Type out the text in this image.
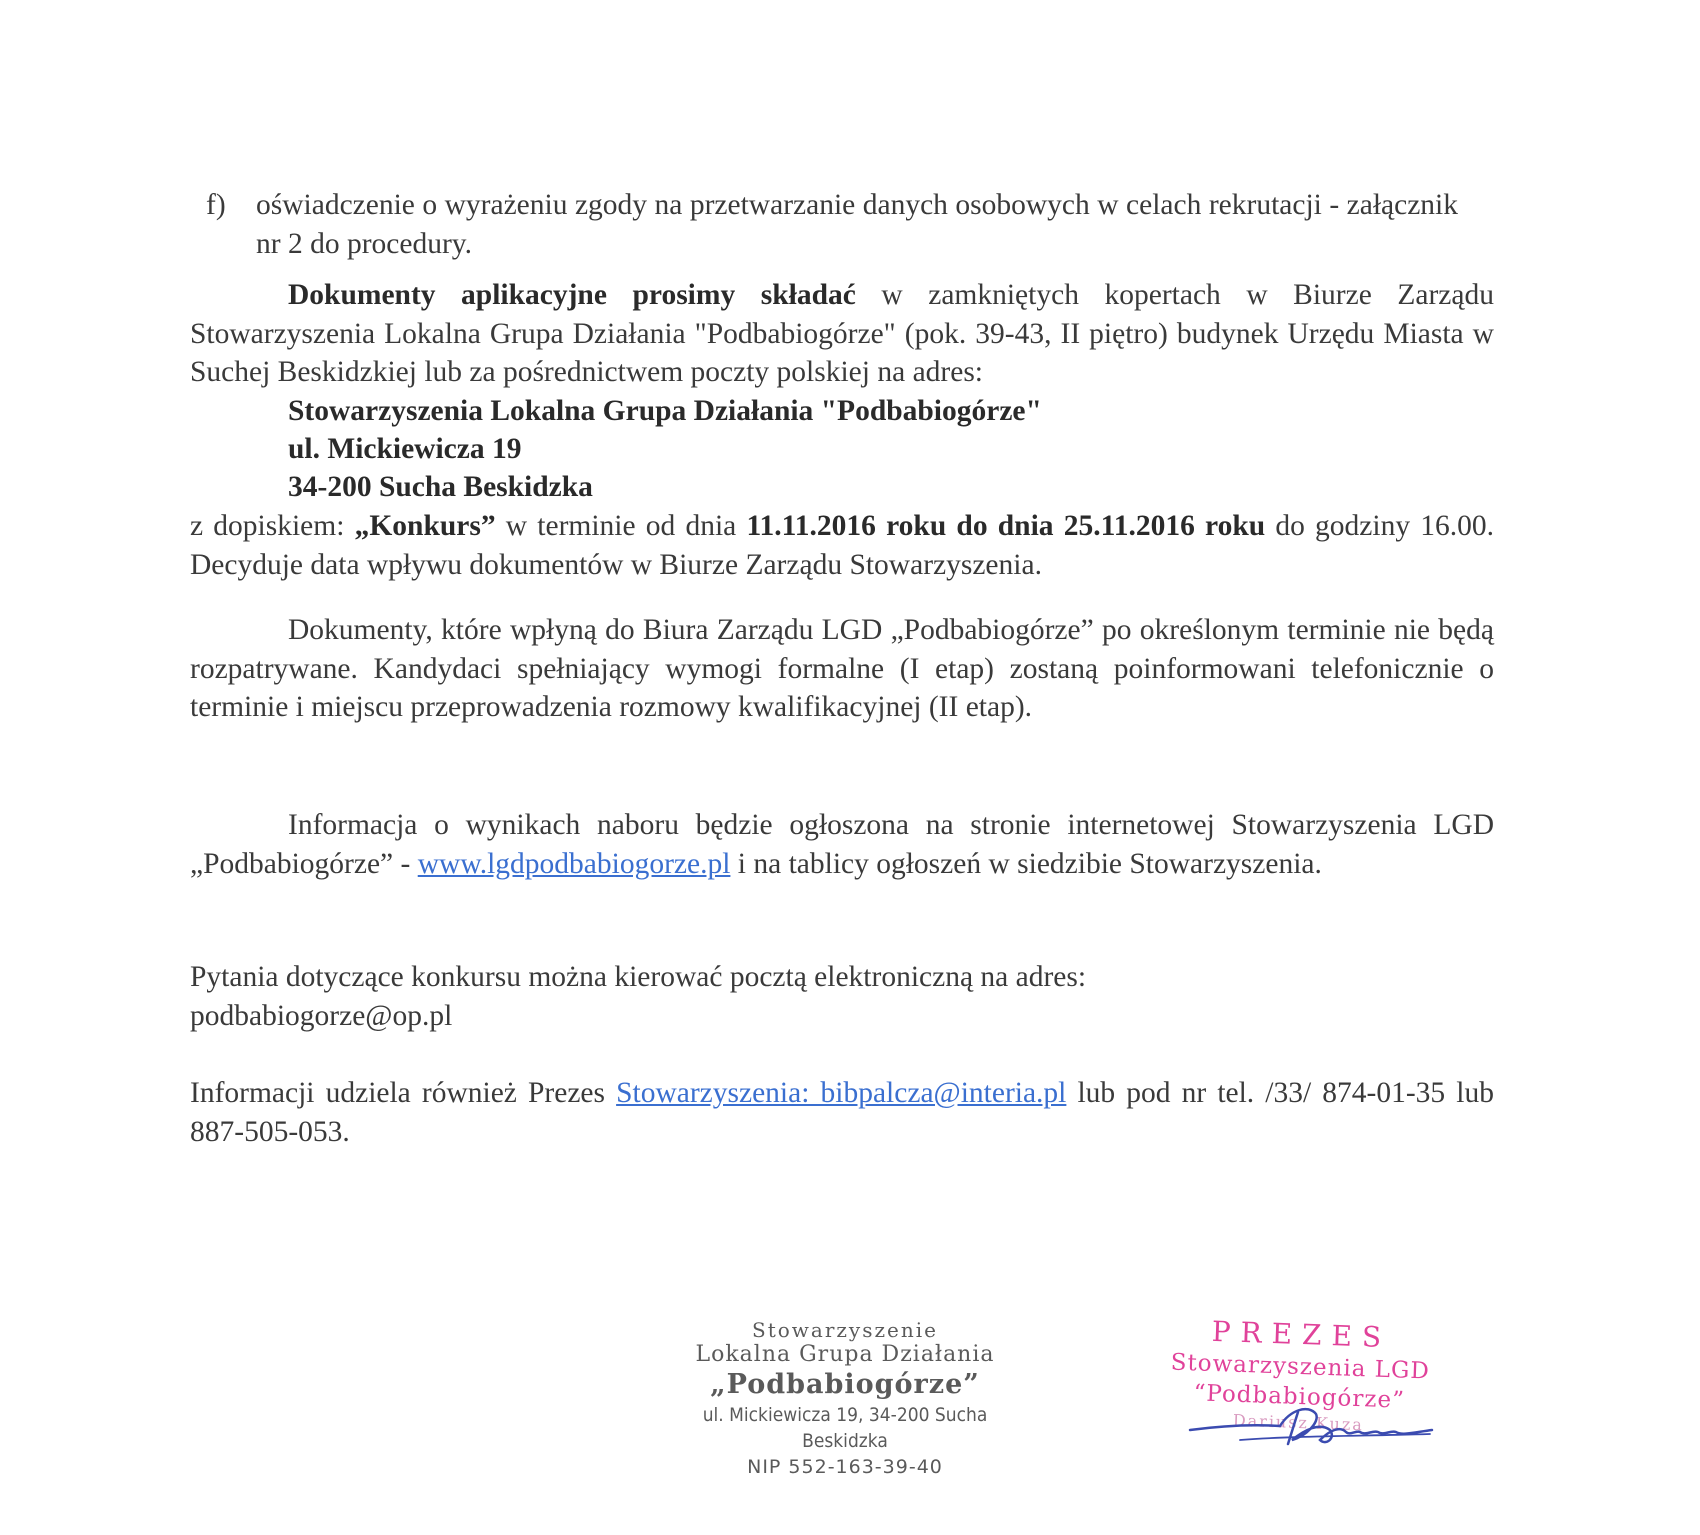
f) oświadczenie o wyrażeniu zgody na przetwarzanie danych osobowych w celach rekrutacji - załącznik nr 2 do procedury.

Dokumenty aplikacyjne prosimy składać w zamkniętych kopertach w Biurze Zarządu Stowarzyszenia Lokalna Grupa Działania "Podbabiogórze" (pok. 39-43, II piętro) budynek Urzędu Miasta w Suchej Beskidzkiej lub za pośrednictwem poczty polskiej na adres:

Stowarzyszenia Lokalna Grupa Działania "Podbabiogórze"
ul. Mickiewicza 19
34-200 Sucha Beskidzka

z dopiskiem: „Konkurs” w terminie od dnia 11.11.2016 roku do dnia 25.11.2016 roku do godziny 16.00. Decyduje data wpływu dokumentów w Biurze Zarządu Stowarzyszenia.

Dokumenty, które wpłyną do Biura Zarządu LGD „Podbabiogórze” po określonym terminie nie będą rozpatrywane. Kandydaci spełniający wymogi formalne (I etap) zostaną poinformowani telefonicznie o terminie i miejscu przeprowadzenia rozmowy kwalifikacyjnej (II etap).

Informacja o wynikach naboru będzie ogłoszona na stronie internetowej Stowarzyszenia LGD „Podbabiogórze” - www.lgdpodbabiogorze.pl i na tablicy ogłoszeń w siedzibie Stowarzyszenia.

Pytania dotyczące konkursu można kierować pocztą elektroniczną na adres:
podbabiogorze@op.pl

Informacji udziela również Prezes Stowarzyszenia: bibpalcza@interia.pl lub pod nr tel. /33/ 874-01-35 lub 887-505-053.

Stowarzyszenie
Lokalna Grupa Działania
„Podbabiogórze”
ul. Mickiewicza 19, 34-200 Sucha Beskidzka
NIP 552-163-39-40
PREZES
Stowarzyszenia LGD
“Podbabiogórze”
Dariusz Kuza
